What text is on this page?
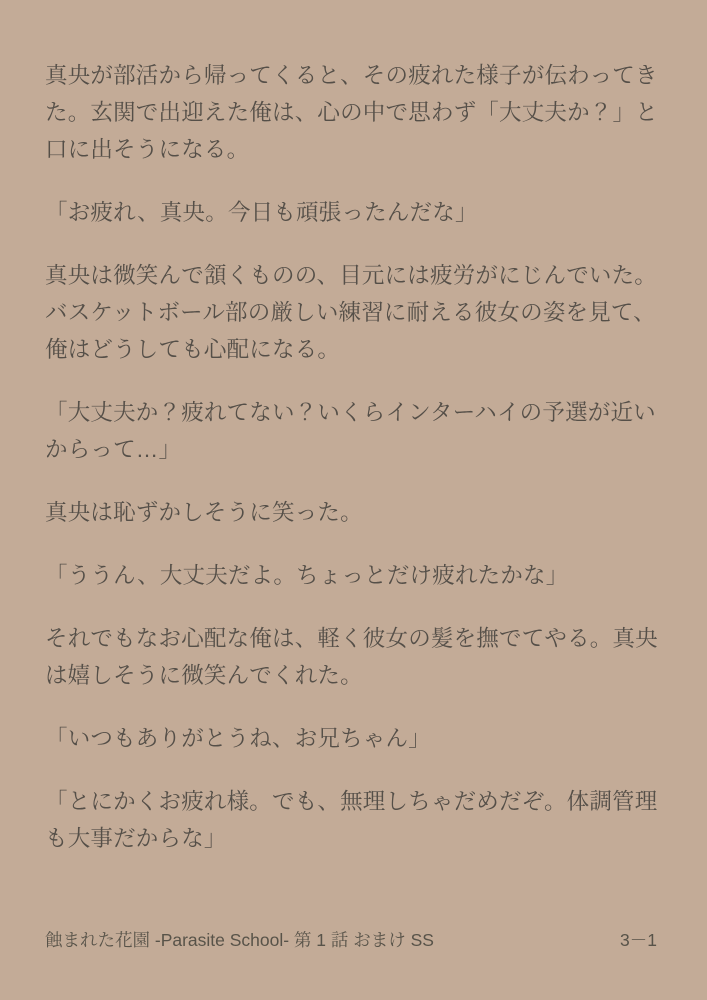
真央が部活から帰ってくると、その疲れた様子が伝わってき
た。玄関で出迎えた俺は、心の中で思わず「大丈夫か？」と
口に出そうになる。

「お疲れ、真央。今日も頑張ったんだな」

真央は微笑んで頷くものの、目元には疲労がにじんでいた。
バスケットボール部の厳しい練習に耐える彼女の姿を見て、
俺はどうしても心配になる。

「大丈夫か？疲れてない？いくらインターハイの予選が近い
からって…」

真央は恥ずかしそうに笑った。

「ううん、大丈夫だよ。ちょっとだけ疲れたかな」

それでもなお心配な俺は、軽く彼女の髪を撫でてやる。真央
は嬉しそうに微笑んでくれた。

「いつもありがとうね、お兄ちゃん」

「とにかくお疲れ様。でも、無理しちゃだめだぞ。体調管理
も大事だからな」

蝕まれた花園 -Parasite School- 第 1 話 おまけ SS	3－1
